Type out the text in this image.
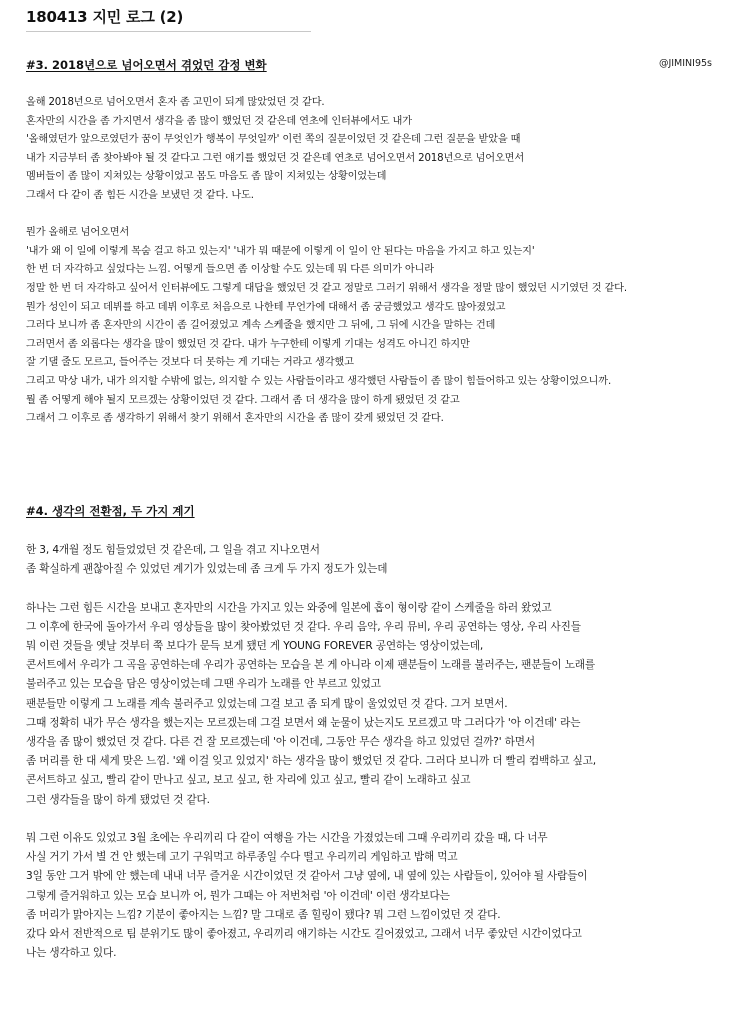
180413 지민 로그 (2)
@JIMINI95s
#3. 2018년으로 넘어오면서 겪었던 감정 변화

올해 2018년으로 넘어오면서 혼자 좀 고민이 되게 많았었던 것 같다.
혼자만의 시간을 좀 가지면서 생각을 좀 많이 했었던 것 같은데 연초에 인터뷰에서도 내가
'올해였던가 앞으로였던가 꿈이 무엇인가 행복이 무엇일까' 이런 쪽의 질문이었던 것 같은데 그런 질문을 받았을 때
내가 지금부터 좀 찾아봐야 될 것 같다고 그런 얘기를 했었던 것 같은데 연초로 넘어오면서 2018년으로 넘어오면서
멤버들이 좀 많이 지쳐있는 상황이었고 몸도 마음도 좀 많이 지쳐있는 상황이었는데
그래서 다 같이 좀 힘든 시간을 보냈던 것 같다. 나도.

뭔가 올해로 넘어오면서
'내가 왜 이 일에 이렇게 목숨 걸고 하고 있는지' '내가 뭐 때문에 이렇게 이 일이 안 된다는 마음을 가지고 하고 있는지'
한 번 더 자각하고 싶었다는 느낌. 어떻게 들으면 좀 이상할 수도 있는데 뭐 다른 의미가 아니라
정말 한 번 더 자각하고 싶어서 인터뷰에도 그렇게 대답을 했었던 것 같고 정말로 그러기 위해서 생각을 정말 많이 했었던 시기였던 것 같다.
뭔가 성인이 되고 데뷔를 하고 데뷔 이후로 처음으로 나한테 무언가에 대해서 좀 궁금했었고 생각도 많아졌었고
그러다 보니까 좀 혼자만의 시간이 좀 길어졌었고 계속 스케줄을 했지만 그 뒤에, 그 뒤에 시간을 말하는 건데
그러면서 좀 외롭다는 생각을 많이 했었던 것 같다. 내가 누구한테 이렇게 기대는 성격도 아니긴 하지만
잘 기댈 줄도 모르고, 들어주는 것보다 더 못하는 게 기대는 거라고 생각했고
그리고 막상 내가, 내가 의지할 수밖에 없는, 의지할 수 있는 사람들이라고 생각했던 사람들이 좀 많이 힘들어하고 있는 상황이었으니까.
뭘 좀 어떻게 해야 될지 모르겠는 상황이었던 것 같다. 그래서 좀 더 생각을 많이 하게 됐었던 것 같고
그래서 그 이후로 좀 생각하기 위해서 찾기 위해서 혼자만의 시간을 좀 많이 갖게 됐었던 것 같다.

#4. 생각의 전환점, 두 가지 계기

한 3, 4개월 정도 힘들었었던 것 같은데, 그 일을 겪고 지나오면서
좀 확실하게 괜찮아질 수 있었던 계기가 있었는데 좀 크게 두 가지 정도가 있는데

하나는 그런 힘든 시간을 보내고 혼자만의 시간을 가지고 있는 와중에 일본에 홉이 형이랑 같이 스케줄을 하러 왔었고
그 이후에 한국에 돌아가서 우리 영상들을 많이 찾아봤었던 것 같다. 우리 음악, 우리 뮤비, 우리 공연하는 영상, 우리 사진들
뭐 이런 것들을 옛날 것부터 쭉 보다가 문득 보게 됐던 게 YOUNG FOREVER 공연하는 영상이었는데,
콘서트에서 우리가 그 곡을 공연하는데 우리가 공연하는 모습을 본 게 아니라 이제 팬분들이 노래를 불러주는, 팬분들이 노래를
불러주고 있는 모습을 담은 영상이었는데 그땐 우리가 노래를 안 부르고 있었고
팬분들만 이렇게 그 노래를 계속 불러주고 있었는데 그걸 보고 좀 되게 많이 울었었던 것 같다. 그거 보면서.
그때 정확히 내가 무슨 생각을 했는지는 모르겠는데 그걸 보면서 왜 눈물이 났는지도 모르겠고 막 그러다가 '아 이건데' 라는
생각을 좀 많이 했었던 것 같다. 다른 건 잘 모르겠는데 '아 이건데, 그동안 무슨 생각을 하고 있었던 걸까?' 하면서
좀 머리를 한 대 세게 맞은 느낌. '왜 이걸 잊고 있었지' 하는 생각을 많이 했었던 것 같다. 그러다 보니까 더 빨리 컴백하고 싶고,
콘서트하고 싶고, 빨리 같이 만나고 싶고, 보고 싶고, 한 자리에 있고 싶고, 빨리 같이 노래하고 싶고
그런 생각들을 많이 하게 됐었던 것 같다.

뭐 그런 이유도 있었고 3월 초에는 우리끼리 다 같이 여행을 가는 시간을 가졌었는데 그때 우리끼리 갔을 때, 다 너무
사실 거기 가서 별 건 안 했는데 고기 구워먹고 하루종일 수다 떨고 우리끼리 게임하고 밥해 먹고
3일 동안 그거 밖에 안 했는데 내내 너무 즐거운 시간이었던 것 같아서 그냥 옆에, 내 옆에 있는 사람들이, 있어야 될 사람들이
그렇게 즐거워하고 있는 모습 보니까 어, 뭔가 그때는 아 저번처럼 '아 이건데' 이런 생각보다는
좀 머리가 맑아지는 느낌? 기분이 좋아지는 느낌? 말 그대로 좀 힐링이 됐다? 뭐 그런 느낌이었던 것 같다.
갔다 와서 전반적으로 팀 분위기도 많이 좋아졌고, 우리끼리 얘기하는 시간도 길어졌었고, 그래서 너무 좋았던 시간이었다고
나는 생각하고 있다.
